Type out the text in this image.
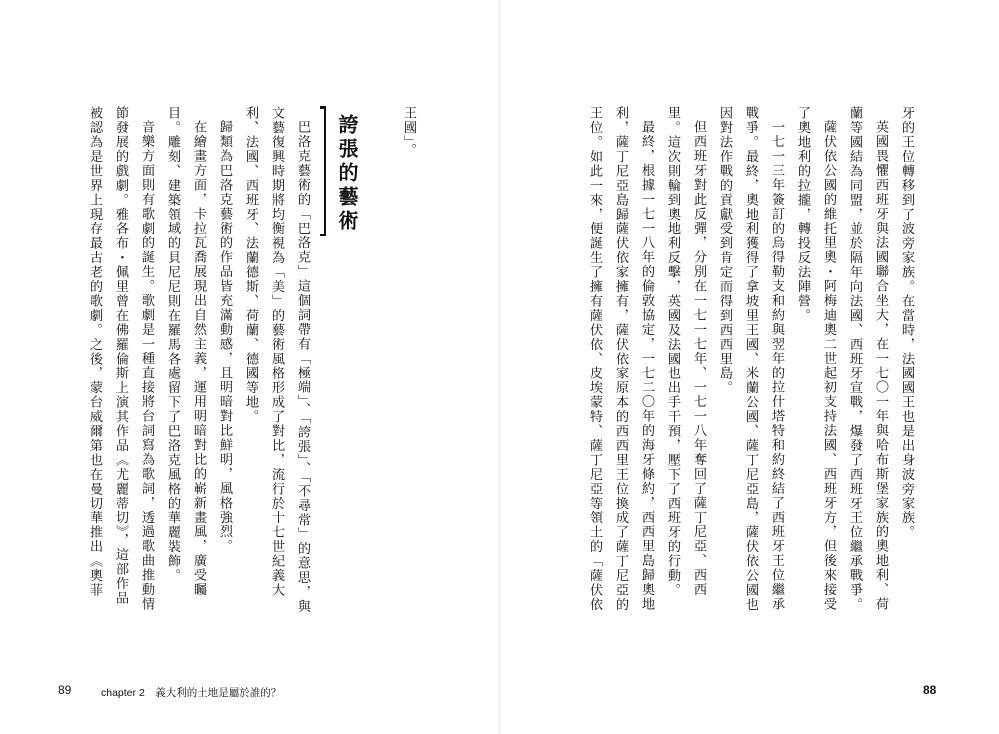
王國」。
誇張的藝術
巴洛克藝術的「巴洛克」這個詞帶有「極端」、「誇張」、「不尋常」的意思，與
文藝復興時期將均衡視為「美」的藝術風格形成了對比，流行於十七世紀義大
利、法國、西班牙、法蘭德斯、荷蘭、德國等地。
歸類為巴洛克藝術的作品皆充滿動感，且明暗對比鮮明，風格強烈。
在繪畫方面，卡拉瓦喬展現出自然主義，運用明暗對比的嶄新畫風，廣受矚
目。雕刻、建築領域的貝尼尼則在羅馬各處留下了巴洛克風格的華麗裝飾。
音樂方面則有歌劇的誕生。歌劇是一種直接將台詞寫為歌詞，透過歌曲推動情
節發展的戲劇。雅各布・佩里曾在佛羅倫斯上演其作品《尤麗蒂切》，這部作品
被認為是世界上現存最古老的歌劇。之後，蒙台威爾第也在曼切華推出《奧菲
89	chapter 2　義大利的土地是屬於誰的？
牙的王位轉移到了波旁家族。在當時，法國國王也是出身波旁家族。
英國畏懼西班牙與法國聯合坐大，在一七〇一年與哈布斯堡家族的奧地利、荷
蘭等國結為同盟，並於隔年向法國、西班牙宣戰，爆發了西班牙王位繼承戰爭。
薩伏依公國的維托里奧・阿梅迪奧二世起初支持法國、西班牙方，但後來接受
了奧地利的拉攏，轉投反法陣營。
一七一三年簽訂的烏得勒支和約與翌年的拉什塔特和約終結了西班牙王位繼承
戰爭。最終，奧地利獲得了拿坡里王國、米蘭公國、薩丁尼亞島，薩伏依公國也
因對法作戰的貢獻受到肯定而得到西西里島。
但西班牙對此反彈，分別在一七一七年、一七一八年奪回了薩丁尼亞、西西
里。這次則輪到奧地利反擊，英國及法國也出手干預，壓下了西班牙的行動。
最終，根據一七一八年的倫敦協定，一七二〇年的海牙條約，西西里島歸奧地
利，薩丁尼亞島歸薩伏依家擁有，薩伏依家原本的西西里王位換成了薩丁尼亞的
王位。如此一來，便誕生了擁有薩伏依、皮埃蒙特、薩丁尼亞等領土的「薩伏依
88
